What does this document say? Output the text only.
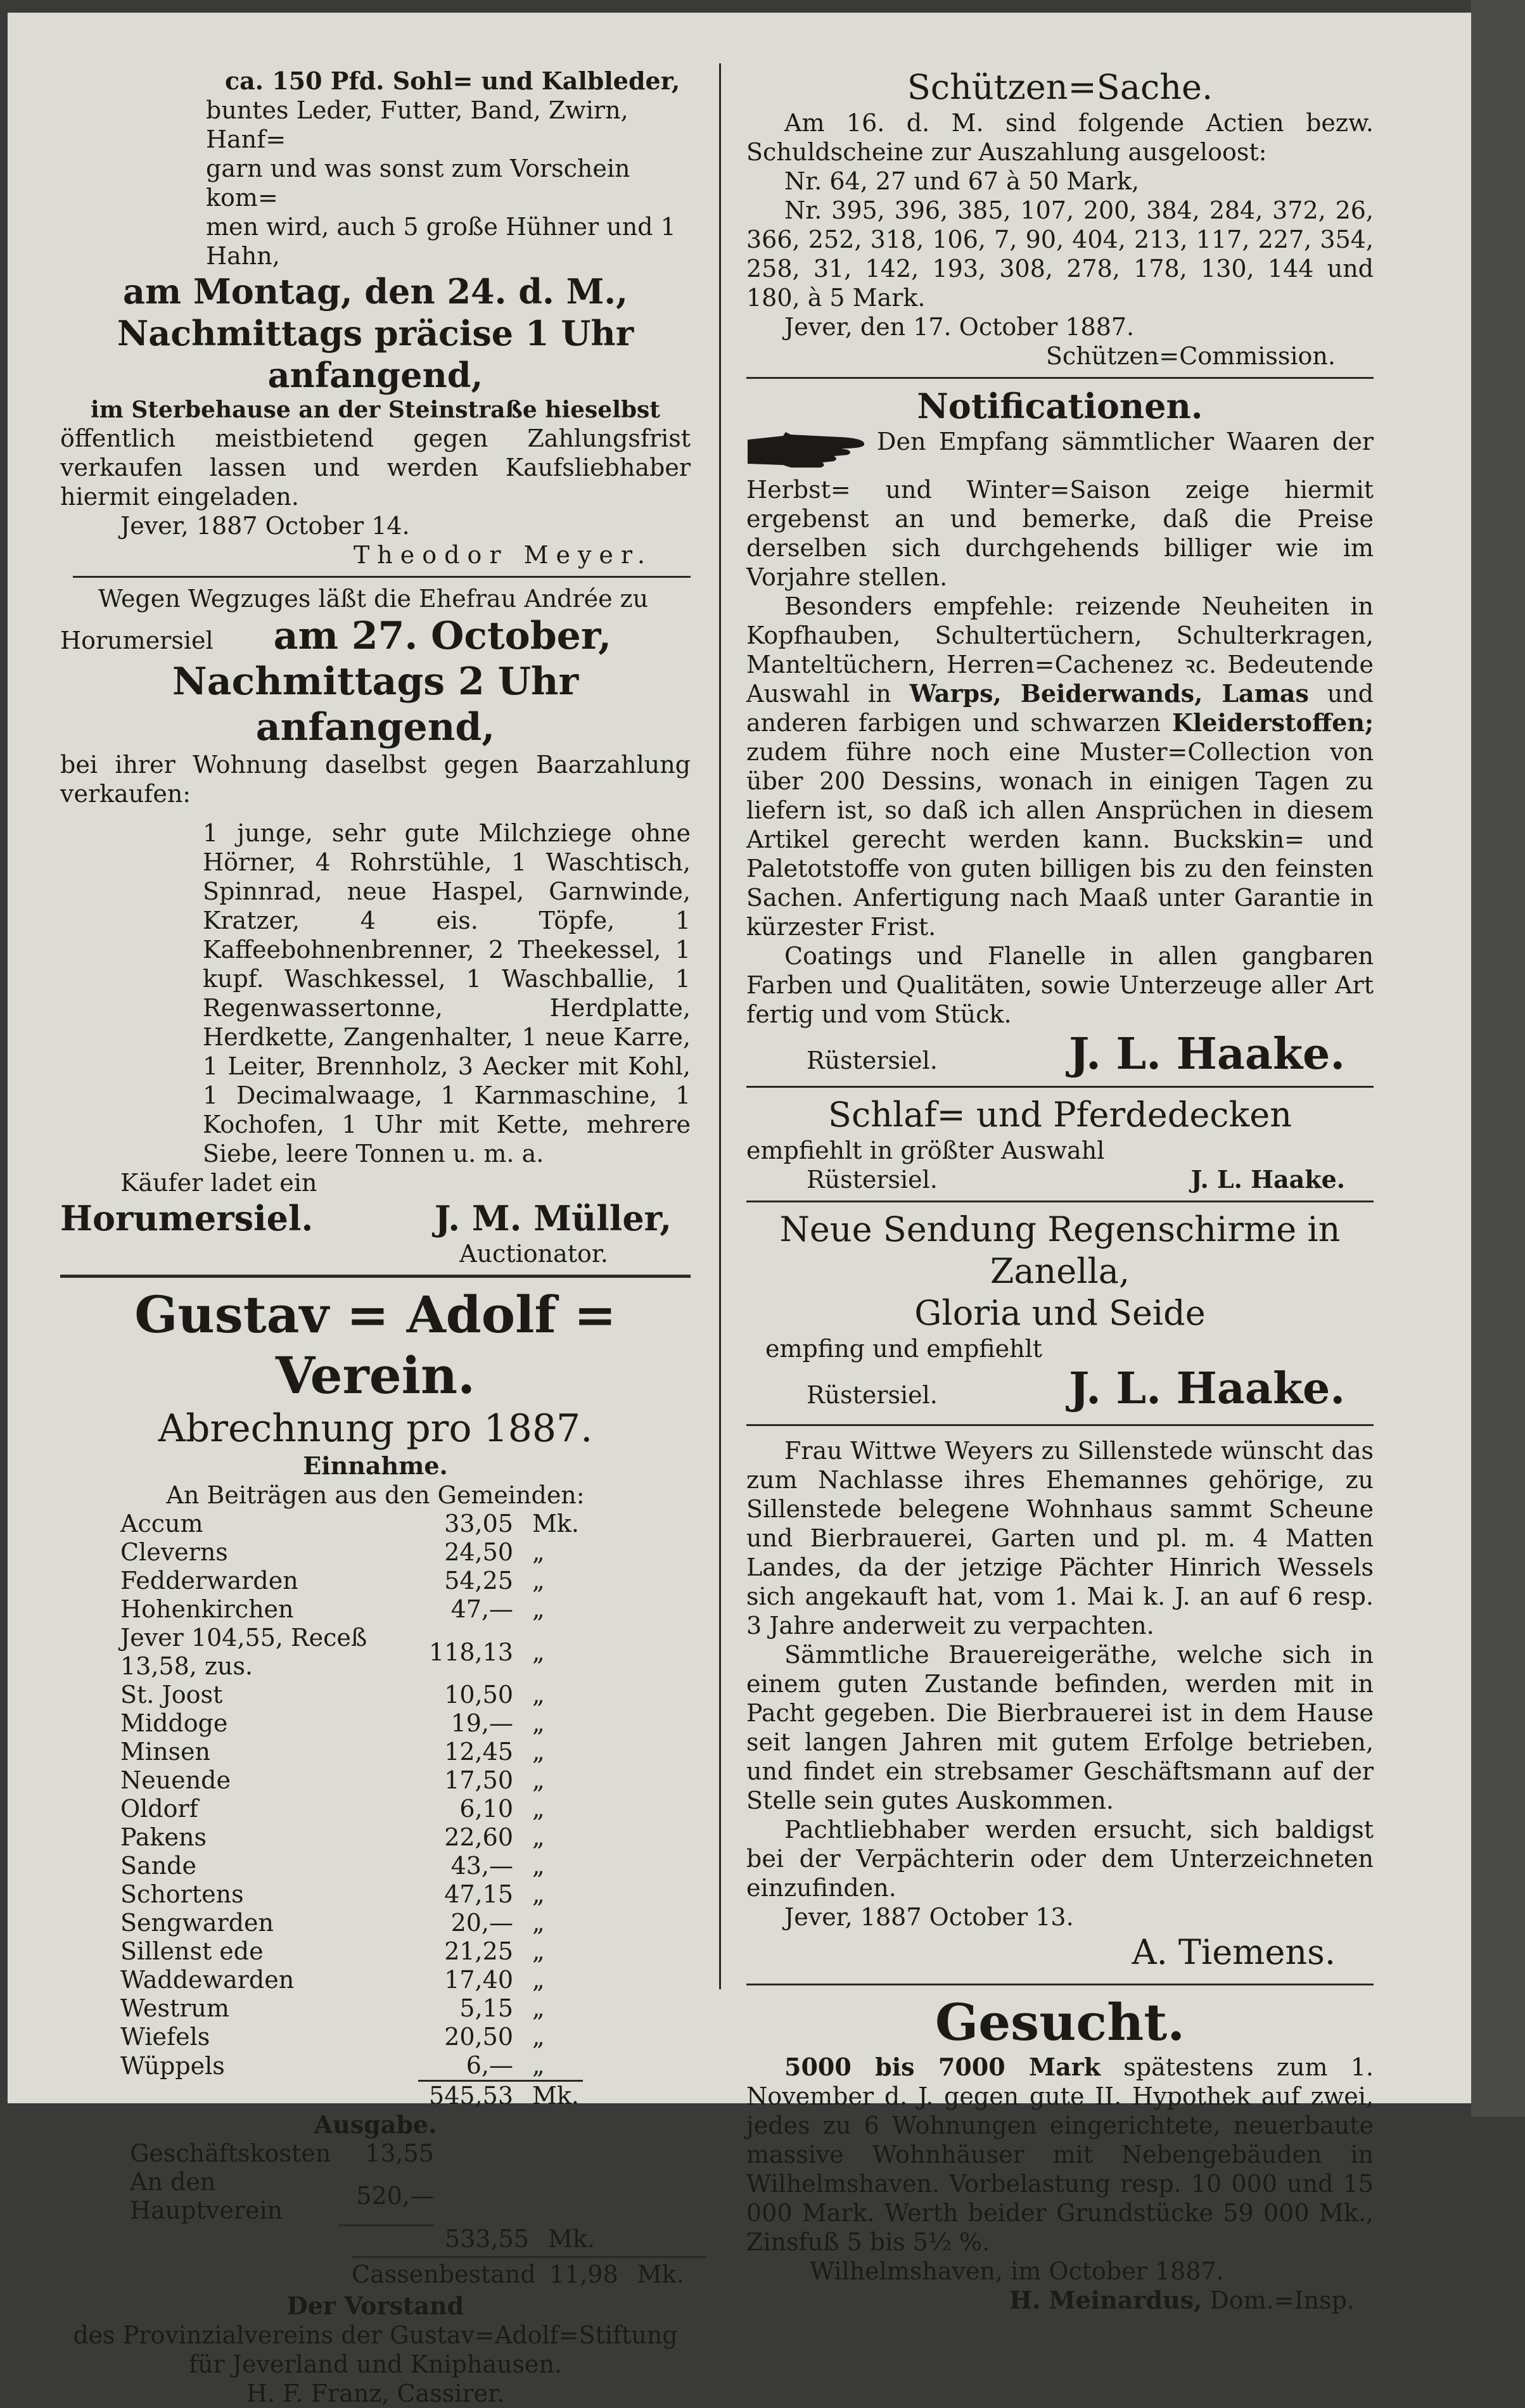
ca. 150 Pfd. Sohl= und Kalbleder,

buntes Leder, Futter, Band, Zwirn, Hanf=

garn und was sonst zum Vorschein kom=

men wird, auch 5 große Hühner und 1

Hahn,

am Montag, den 24. d. M.,

Nachmittags präcise 1 Uhr anfangend,

im Sterbehause an der Steinstraße hieselbst

öffentlich meistbietend gegen Zahlungsfrist verkaufen lassen und werden Kaufsliebhaber hiermit eingeladen.

Jever, 1887 October 14.

Theodor Meyer.

Wegen Wegzuges läßt die Ehefrau Andrée zu

Horumersiel am 27. October,

Nachmittags 2 Uhr anfangend,

bei ihrer Wohnung daselbst gegen Baarzahlung verkaufen:

1 junge, sehr gute Milchziege ohne Hörner, 4 Rohrstühle, 1 Waschtisch, Spinnrad, neue Haspel, Garnwinde, Kratzer, 4 eis. Töpfe, 1 Kaffeebohnenbrenner, 2 Theekessel, 1 kupf. Waschkessel, 1 Waschballie, 1 Regenwassertonne, Herdplatte, Herdkette, Zangenhalter, 1 neue Karre, 1 Leiter, Brennholz, 3 Aecker mit Kohl, 1 Decimalwaage, 1 Karnmaschine, 1 Kochofen, 1 Uhr mit Kette, mehrere Siebe, leere Tonnen u. m. a.

Käufer ladet ein

Horumersiel.	J. M. Müller,

Auctionator.

Gustav = Adolf = Verein.

Abrechnung pro 1887.

Einnahme.

An Beiträgen aus den Gemeinden:

Accum	33,05	Mk.
Cleverns	24,50	„
Fedderwarden	54,25	„
Hohenkirchen	47,—	„
Jever 104,55, Receß 13,58, zus.	118,13	„
St. Joost	10,50	„
Middoge	19,—	„
Minsen	12,45	„
Neuende	17,50	„
Oldorf	6,10	„
Pakens	22,60	„
Sande	43,—	„
Schortens	47,15	„
Sengwarden	20,—	„
Sillenst ede	21,25	„
Waddewarden	17,40	„
Westrum	5,15	„
Wiefels	20,50	„
Wüppels	6,—	„
	545,53	Mk.

Ausgabe.

Geschäftskosten	13,55		
An den Hauptverein	520,—		
		533,55	Mk.
Cassenbestand	11,98	Mk.

Der Vorstand

des Provinzialvereins der Gustav=Adolf=Stiftung

für Jeverland und Kniphausen.

H. F. Franz, Cassirer.

Schützen=Sache.

Am 16. d. M. sind folgende Actien bezw. Schuldscheine zur Auszahlung ausgeloost:

Nr. 64, 27 und 67 à 50 Mark,

Nr. 395, 396, 385, 107, 200, 384, 284, 372, 26, 366, 252, 318, 106, 7, 90, 404, 213, 117, 227, 354, 258, 31, 142, 193, 308, 278, 178, 130, 144 und 180, à 5 Mark.

Jever, den 17. October 1887.

Schützen=Commission.

Notificationen.

Den Empfang sämmtlicher Waaren der Herbst= und Winter=Saison zeige hiermit ergebenst an und bemerke, daß die Preise derselben sich durchgehends billiger wie im Vorjahre stellen.

Besonders empfehle: reizende Neuheiten in Kopfhauben, Schultertüchern, Schulterkragen, Manteltüchern, Herren=Cachenez ꝛc. Bedeutende Auswahl in Warps, Beiderwands, Lamas und anderen farbigen und schwarzen Kleiderstoffen; zudem führe noch eine Muster=Collection von über 200 Dessins, wonach in einigen Tagen zu liefern ist, so daß ich allen Ansprüchen in diesem Artikel gerecht werden kann. Buckskin= und Paletotstoffe von guten billigen bis zu den feinsten Sachen. Anfertigung nach Maaß unter Garantie in kürzester Frist.

Coatings und Flanelle in allen gangbaren Farben und Qualitäten, sowie Unterzeuge aller Art fertig und vom Stück.

Rüstersiel.	J. L. Haake.

Schlaf= und Pferdedecken

empfiehlt in größter Auswahl

Rüstersiel.	J. L. Haake.

Neue Sendung Regenschirme in Zanella,

Gloria und Seide

empfing und empfiehlt

Rüstersiel.	J. L. Haake.

Frau Wittwe Weyers zu Sillenstede wünscht das zum Nachlasse ihres Ehemannes gehörige, zu Sillenstede belegene Wohnhaus sammt Scheune und Bierbrauerei, Garten und pl. m. 4 Matten Landes, da der jetzige Pächter Hinrich Wessels sich angekauft hat, vom 1. Mai k. J. an auf 6 resp. 3 Jahre anderweit zu verpachten.

Sämmtliche Brauereigeräthe, welche sich in einem guten Zustande befinden, werden mit in Pacht gegeben. Die Bierbrauerei ist in dem Hause seit langen Jahren mit gutem Erfolge betrieben, und findet ein strebsamer Geschäftsmann auf der Stelle sein gutes Auskommen.

Pachtliebhaber werden ersucht, sich baldigst bei der Verpächterin oder dem Unterzeichneten einzufinden.

Jever, 1887 October 13.

A. Tiemens.

Gesucht.

5000 bis 7000 Mark spätestens zum 1. November d. J. gegen gute II. Hypothek auf zwei, jedes zu 6 Wohnungen eingerichtete, neuerbaute massive Wohnhäuser mit Nebengebäuden in Wilhelmshaven. Vorbelastung resp. 10 000 und 15 000 Mark. Werth beider Grundstücke 59 000 Mk., Zinsfuß 5 bis 5½ %.

Wilhelmshaven, im October 1887.

H. Meinardus, Dom.=Insp.
